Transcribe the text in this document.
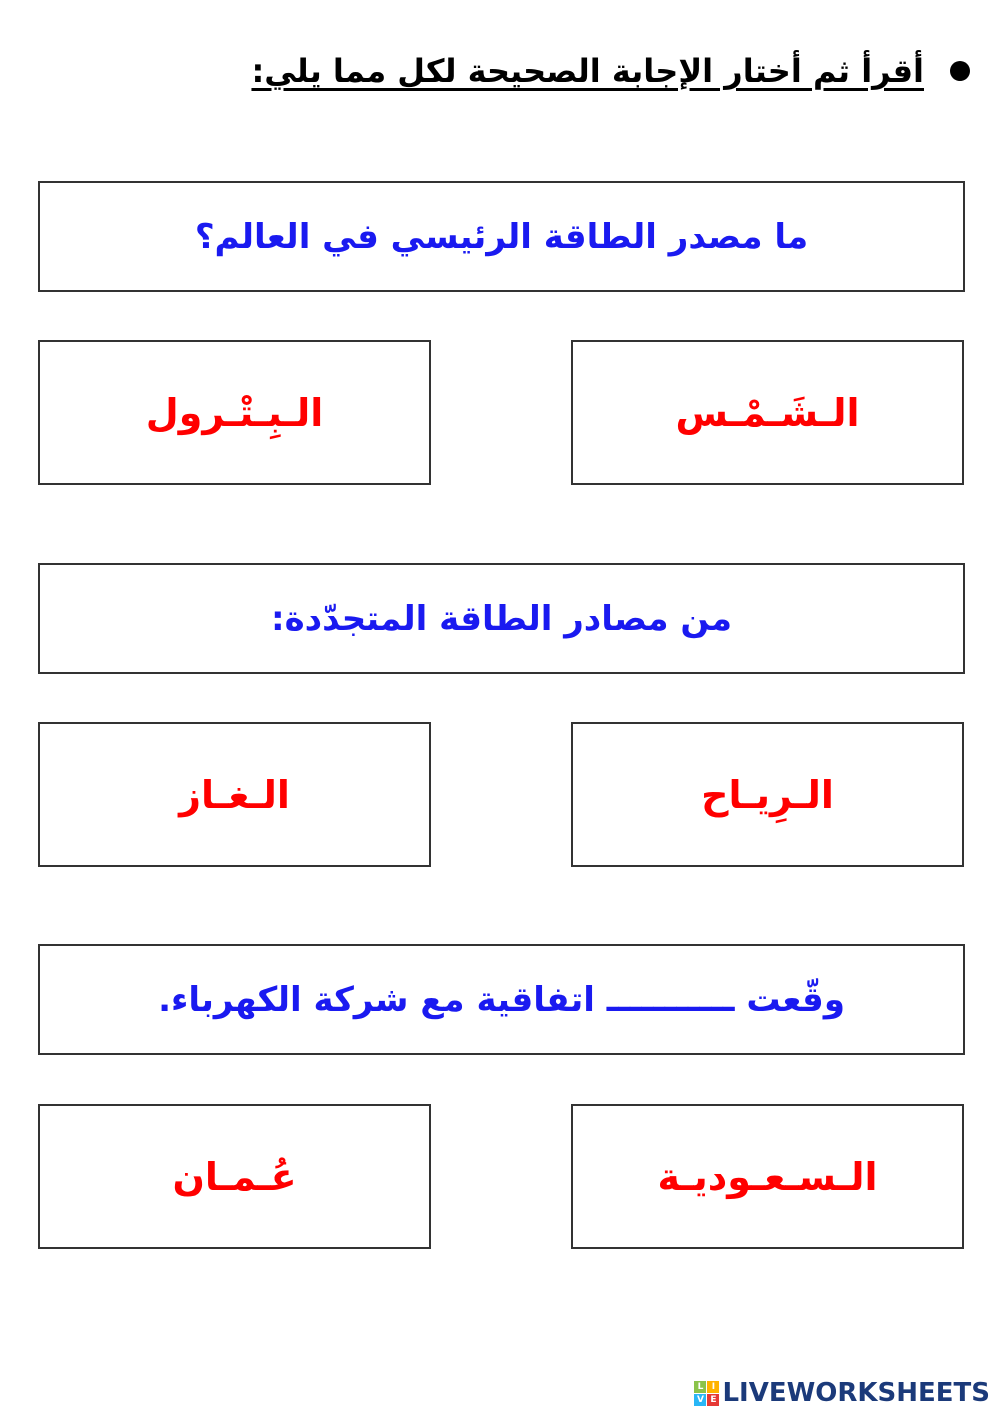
أقرأ ثم أختار الإجابة الصحيحة لكل مما يلي:
ما مصدر الطاقة الرئيسي في العالم؟
الـشَـمْـس
الـبِـتْـرول
من مصادر الطاقة المتجدّدة:
الـرِيـاح
الـغـاز
وقّعت ـــــــــــ اتفاقية مع شركة الكهرباء.
الـسـعـوديـة
عُـمـان
L I
V E LIVEWORKSHEETS
